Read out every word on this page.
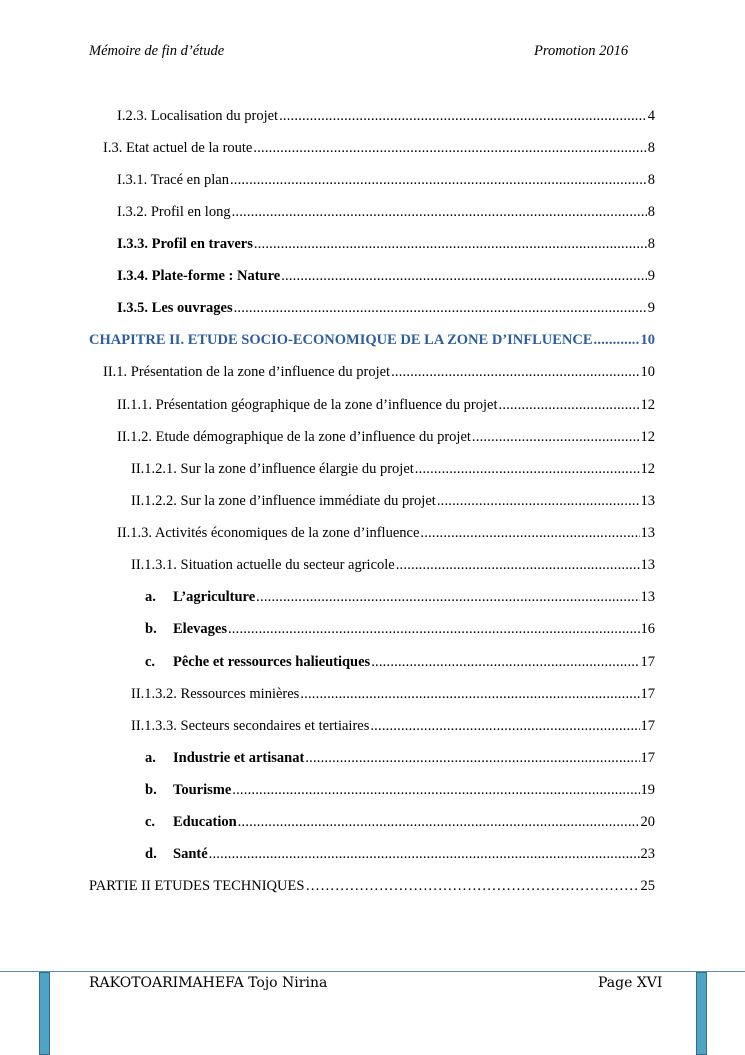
Mémoire de fin d’étude	Promotion 2016
I.2.3. Localisation du projet .....	4
I.3. Etat actuel de la route .....	8
I.3.1. Tracé en plan .....	8
I.3.2. Profil en long .....	8
I.3.3. Profil en travers .....	8
I.3.4. Plate-forme : Nature .....	9
I.3.5. Les ouvrages .....	9
CHAPITRE II. ETUDE SOCIO-ECONOMIQUE DE LA ZONE D’INFLUENCE .....	10
II.1. Présentation de la zone d’influence du projet .....	10
II.1.1. Présentation géographique de la zone d’influence du projet .....	12
II.1.2. Etude démographique de la zone d’influence du projet .....	12
II.1.2.1. Sur la zone d’influence élargie du projet .....	12
II.1.2.2. Sur la zone d’influence immédiate du projet .....	13
II.1.3. Activités économiques de la zone d’influence .....	13
II.1.3.1. Situation actuelle du secteur agricole .....	13
a. L’agriculture .....	13
b. Elevages .....	16
c. Pêche et ressources halieutiques .....	17
II.1.3.2. Ressources minières .....	17
II.1.3.3. Secteurs secondaires et tertiaires .....	17
a. Industrie et artisanat .....	17
b. Tourisme .....	19
c. Education .....	20
d. Santé .....	23
PARTIE II ETUDES TECHNIQUES ………………………………………………………………………………………………………………	25
RAKOTOARIMAHEFA Tojo Nirina	Page XVI
